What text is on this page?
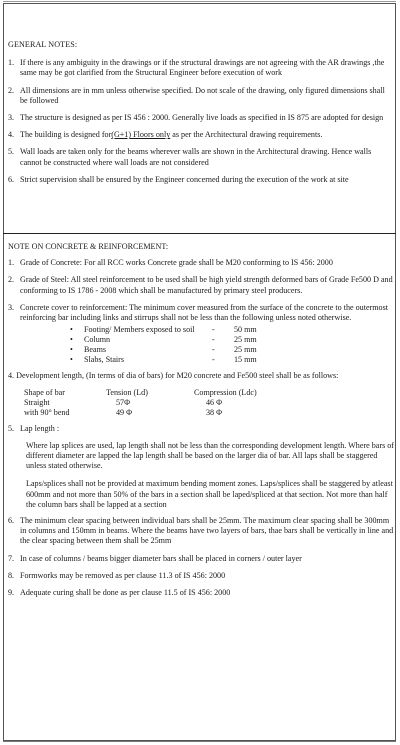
GENERAL NOTES:
1. If there is any ambiguity in the drawings or if the structural drawings are not agreeing with the AR drawings ,the same may be got clarified from the Structural Engineer before execution of work
2. All dimensions are in mm unless otherwise specified. Do not scale of the drawing, only figured dimensions shall be followed
3. The structure is designed as per IS 456 : 2000. Generally live loads as specified in IS 875 are adopted for design
4. The building is designed for(G+1) Floors only as per the Architectural drawing requirements.
5. Wall loads are taken only for the beams wherever walls are shown in the Architectural drawing. Hence walls cannot be constructed where wall loads are not considered
6. Strict supervision shall be ensured by the Engineer concerned during the execution of the work at site
NOTE ON CONCRETE & REINFORCEMENT:
1. Grade of Concrete: For all RCC works Concrete grade shall be M20 conforming to IS 456: 2000
2. Grade of Steel: All steel reinforcement to be used shall be high yield strength deformed bars of Grade Fe500 D and conforming to IS 1786 - 2008 which shall be manufactured by primary steel producers.
3. Concrete cover to reinforcement: The minimum cover measured from the surface of the concrete to the outermost reinforcing bar including links and stirrups shall not be less than the following unless noted otherwise.
•	Footing/ Members exposed to soil	-	50 mm
•	Column	-	25 mm
•	Beams	-	25 mm
•	Slabs, Stairs	-	15 mm
4. Development length, (In terms of dia of bars) for M20 concrete and Fe500 steel shall be as follows:
Shape of bar	Tension (Ld)	Compression (Ldc)
Straight	57Φ	46 Φ
with 90° bend	49 Φ	38 Φ
5. Lap length :
Where lap splices are used, lap length shall not be less than the corresponding development length. Where bars of different diameter are lapped the lap length shall be based on the larger dia of bar. All laps shall be staggered unless stated otherwise.
Laps/splices shall not be provided at maximum bending moment zones. Laps/splices shall be staggered by atleast 600mm and not more than 50% of the bars in a section shall be laped/spliced at that section. Not more than half the column bars shall be lapped at a section
6. The minimum clear spacing between individual bars shall be 25mm. The maximum clear spacing shall be 300mm in columns and 150mm in beams. Where the beams have two layers of bars, thae bars shall be vertically in line and the clear spacing between them shall be 25mm
7. In case of columns / beams bigger diameter bars shall be placed in corners / outer layer
8. Formworks may be removed as per clause 11.3 of IS 456: 2000
9. Adequate curing shall be done as per clause 11.5 of IS 456: 2000
